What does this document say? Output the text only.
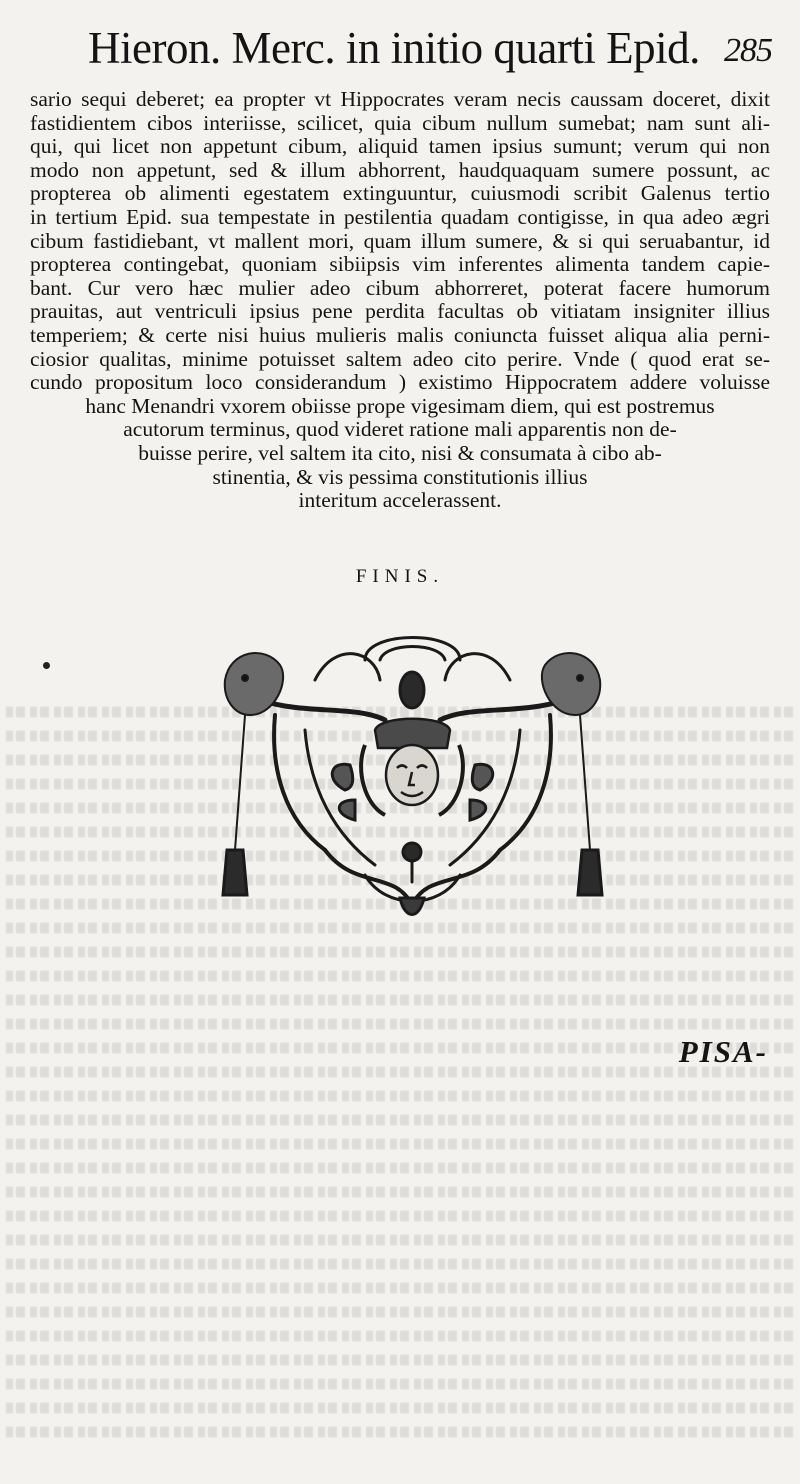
Hieron. Merc. in initio quarti Epid. 285
sario sequi deberet; ea propter vt Hippocrates veram necis caussam doceret, dixit
fastidientem cibos interiisse, scilicet, quia cibum nullum sumebat; nam sunt ali-
qui, qui licet non appetunt cibum, aliquid tamen ipsius sumunt; verum qui non
modo non appetunt, sed & illum abhorrent, haudquaquam sumere possunt, ac
propterea ob alimenti egestatem extinguuntur, cuiusmodi scribit Galenus tertio
in tertium Epid. sua tempestate in pestilentia quadam contigisse, in qua adeo ægri
cibum fastidiebant, vt mallent mori, quam illum sumere, & si qui seruabantur, id
propterea contingebat, quoniam sibiipsis vim inferentes alimenta tandem capie-
bant. Cur vero hæc mulier adeo cibum abhorreret, poterat facere humorum
prauitas, aut ventriculi ipsius pene perdita facultas ob vitiatam insigniter illius
temperiem; & certe nisi huius mulieris malis coniuncta fuisset aliqua alia perni-
ciosior qualitas, minime potuisset saltem adeo cito perire. Vnde ( quod erat se-
cundo propositum loco considerandum ) existimo Hippocratem addere voluisse
hanc Menandri vxorem obiisse prope vigesimam diem, qui est postremus
acutorum terminus, quod videret ratione mali apparentis non de-
buisse perire, vel saltem ita cito, nisi & consumata à cibo ab-
stinentia, & vis pessima constitutionis illius
interitum accelerassent.
FINIS.
PISA-
